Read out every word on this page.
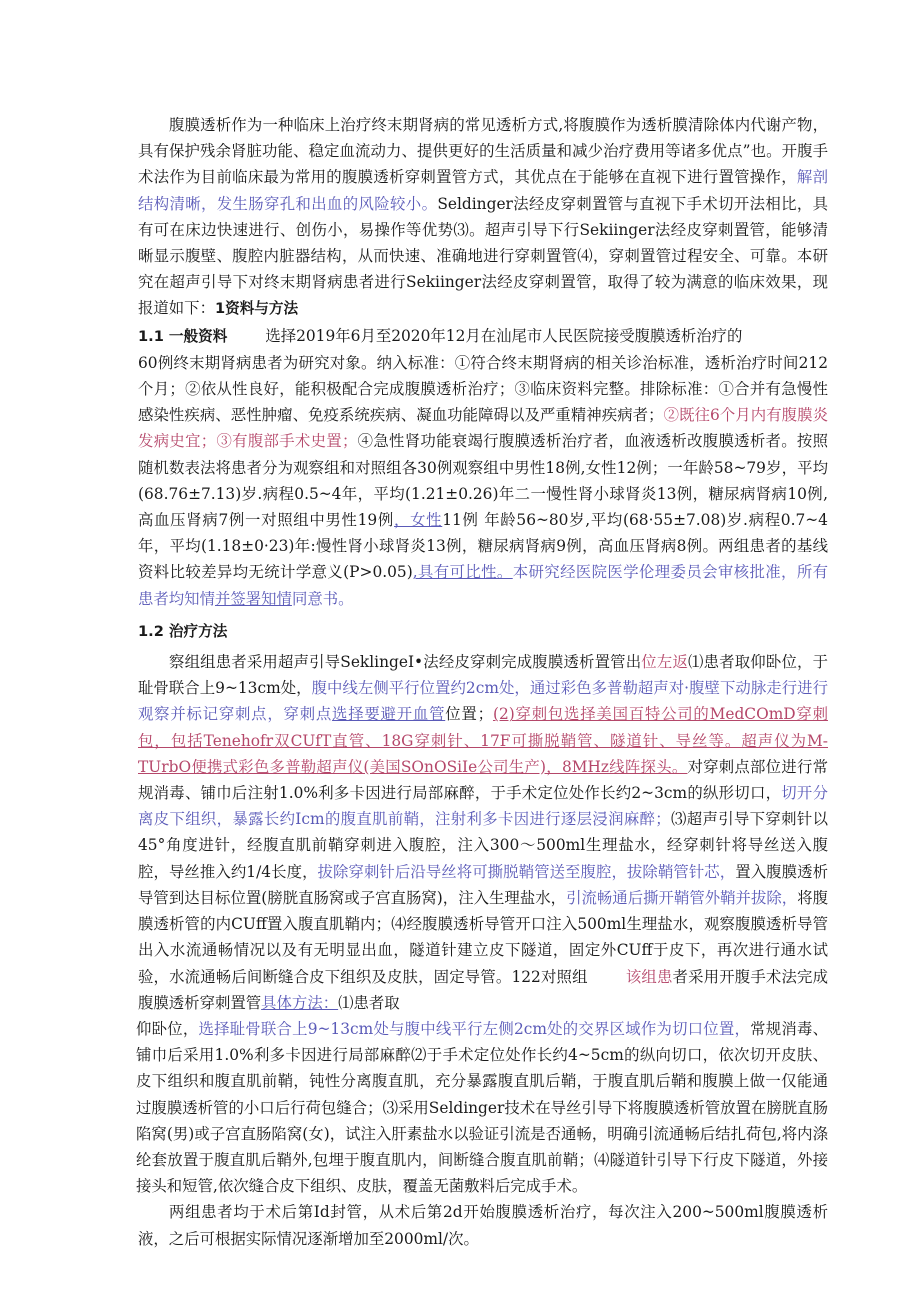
腹膜透析作为一种临床上治疗终末期肾病的常见透析方式,将腹膜作为透析膜清除体内代谢产物，具有保护残余肾脏功能、稳定血流动力、提供更好的生活质量和减少治疗费用等诸多优点”也。开腹手术法作为目前临床最为常用的腹膜透析穿刺置管方式，其优点在于能够在直视下进行置管操作，解剖结构清晰，发生肠穿孔和出血的风险较小。Seldinger法经皮穿刺置管与直视下手术切开法相比，具有可在床边快速进行、创伤小，易操作等优势⑶。超声引导下行Sekiinger法经皮穿刺置管，能够清晰显示腹壁、腹腔内脏器结构，从而快速、准确地进行穿刺置管⑷，穿刺置管过程安全、可靠。本研究在超声引导下对终末期肾病患者进行Sekiinger法经皮穿刺置管，取得了较为满意的临床效果，现报道如下：1资料与方法

1.1 一般资料 选择2019年6月至2020年12月在汕尾市人民医院接受腹膜透析治疗的

60例终末期肾病患者为研究对象。纳入标准：①符合终末期肾病的相关诊治标准，透析治疗时间212个月；②依从性良好，能积极配合完成腹膜透析治疗；③临床资料完整。排除标准：①合并有急慢性感染性疾病、恶性肿瘤、免疫系统疾病、凝血功能障碍以及严重精神疾病者；②既往6个月内有腹膜炎发病史宜；③有腹部手术史置；④急性肾功能衰竭行腹膜透析治疗者，血液透析改腹膜透析者。按照随机数表法将患者分为观察组和对照组各30例观察组中男性18例,女性12例；一年龄58~79岁，平均(68.76±7.13)岁.病程0.5~4年，平均(1.21±0.26)年二一慢性肾小球肾炎13例，糖尿病肾病10例,高血压肾病7例一对照组中男性19例，女性11例 年龄56~80岁,平均(68·55±7.08)岁.病程0.7~4年，平均(1.18±0·23)年:慢性肾小球肾炎13例，糖尿病肾病9例，高血压肾病8例。两组患者的基线资料比较差异均无统计学意义(P>0.05),具有可比性。本研究经医院医学伦理委员会审核批准，所有患者均知情并签署知情同意书。

1.2 治疗方法

察组组患者采用超声引导SeklingeI•法经皮穿刺完成腹膜透析置管出位左返⑴患者取仰卧位，于耻骨联合上9~13cm处，腹中线左侧平行位置约2cm处，通过彩色多普勒超声对·腹壁下动脉走行进行观察并标记穿刺点，穿刺点选择要避开血管位置；(2)穿刺包选择美国百特公司的MedCOmD穿刺包，包括Tenehofr双CUfT直管、18G穿刺针、17F可撕脱鞘管、隧道针、导丝等。超声仪为M-TUrbO便携式彩色多普勒超声仪(美国SOnOSiIe公司生产)，8MHz线阵探头。对穿刺点部位进行常规消毒、铺巾后注射1.0%利多卡因进行局部麻醉，于手术定位处作长约2~3cm的纵形切口，切开分离皮下组织，暴露长约Icm的腹直肌前鞘，注射利多卡因进行逐层浸润麻醉；⑶超声引导下穿刺针以45°角度进针，经腹直肌前鞘穿刺进入腹腔，注入300～500ml生理盐水，经穿刺针将导丝送入腹腔，导丝推入约1/4长度，拔除穿刺针后沿导丝将可撕脱鞘管送至腹腔，拔除鞘管针芯，置入腹膜透析导管到达目标位置(膀胱直肠窝或子宫直肠窝)，注入生理盐水，引流畅通后撕开鞘管外鞘并拔除，将腹膜透析管的内CUff置入腹直肌鞘内；⑷经腹膜透析导管开口注入500ml生理盐水，观察腹膜透析导管出入水流通畅情况以及有无明显出血，隧道针建立皮下隧道，固定外CUff于皮下，再次进行通水试验，水流通畅后间断缝合皮下组织及皮肤，固定导管。122对照组 该组患者采用开腹手术法完成腹膜透析穿刺置管具体方法：⑴患者取

仰卧位，选择耻骨联合上9~13cm处与腹中线平行左侧2cm处的交界区域作为切口位置，常规消毒、铺巾后采用1.0%利多卡因进行局部麻醉⑵于手术定位处作长约4~5cm的纵向切口，依次切开皮肤、皮下组织和腹直肌前鞘，钝性分离腹直肌，充分暴露腹直肌后鞘，于腹直肌后鞘和腹膜上做一仅能通过腹膜透析管的小口后行荷包缝合；⑶采用Seldinger技术在导丝引导下将腹膜透析管放置在膀胱直肠陷窝(男)或子宫直肠陷窝(女)，试注入肝素盐水以验证引流是否通畅，明确引流通畅后结扎荷包,将内涤纶套放置于腹直肌后鞘外,包埋于腹直肌内，间断缝合腹直肌前鞘；⑷隧道针引导下行皮下隧道，外接接头和短管,依次缝合皮下组织、皮肤，覆盖无菌敷料后完成手术。

两组患者均于术后第Id封管，从术后第2d开始腹膜透析治疗，每次注入200~500ml腹膜透析液，之后可根据实际情况逐渐增加至2000ml/次。
